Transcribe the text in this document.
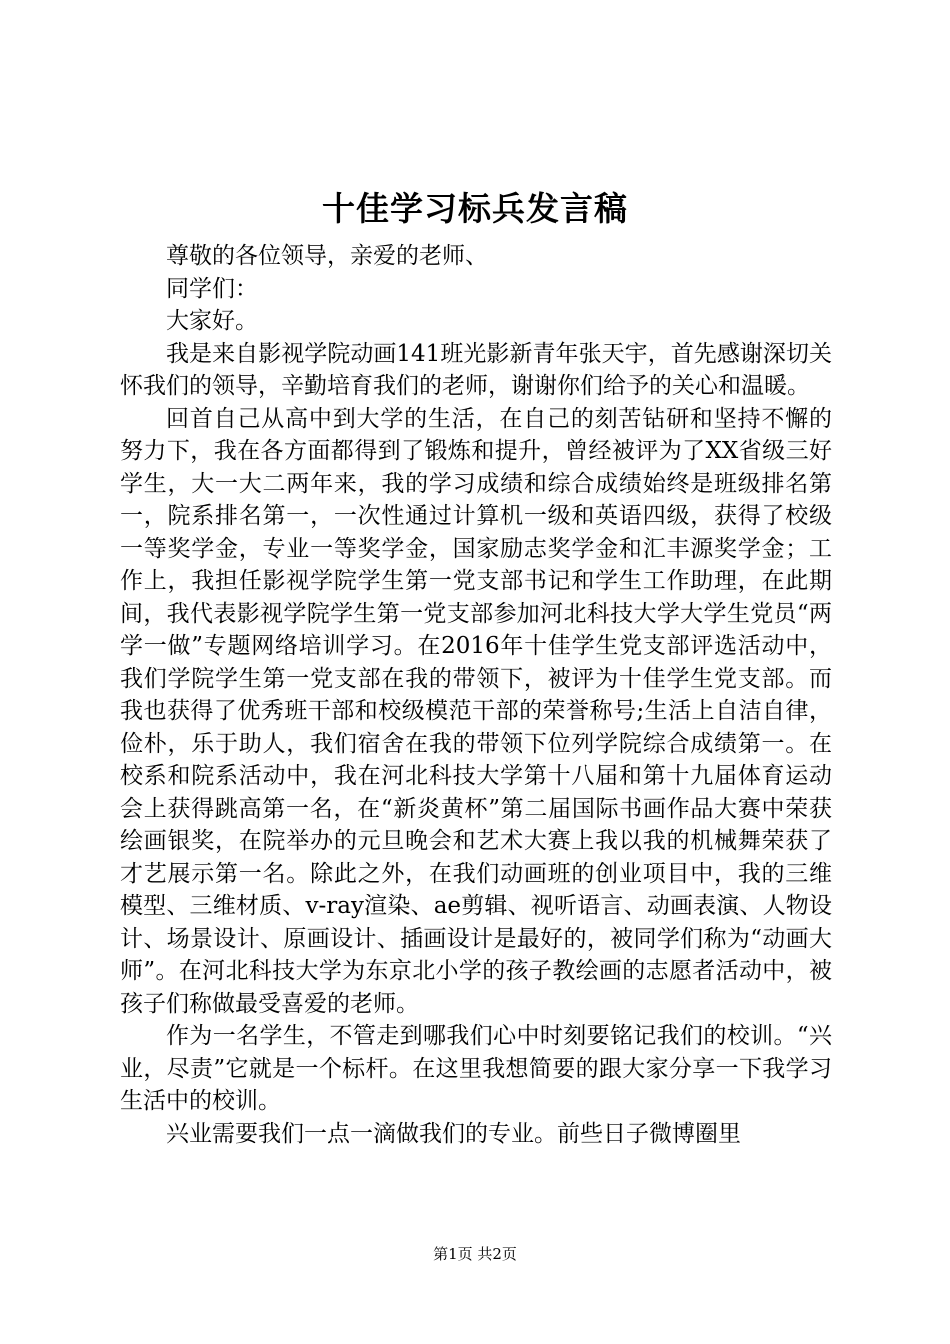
十佳学习标兵发言稿

尊敬的各位领导，亲爱的老师、

同学们：

大家好。

我是来自影视学院动画141班光影新青年张天宇，首先感谢深切关怀我们的领导，辛勤培育我们的老师，谢谢你们给予的关心和温暖。

回首自己从高中到大学的生活，在自己的刻苦钻研和坚持不懈的努力下，我在各方面都得到了锻炼和提升，曾经被评为了XX省级三好学生，大一大二两年来，我的学习成绩和综合成绩始终是班级排名第一，院系排名第一，一次性通过计算机一级和英语四级，获得了校级一等奖学金，专业一等奖学金，国家励志奖学金和汇丰源奖学金；工作上，我担任影视学院学生第一党支部书记和学生工作助理，在此期间，我代表影视学院学生第一党支部参加河北科技大学大学生党员“两学一做”专题网络培训学习。在2016年十佳学生党支部评选活动中，我们学院学生第一党支部在我的带领下，被评为十佳学生党支部。而我也获得了优秀班干部和校级模范干部的荣誉称号;生活上自洁自律，俭朴，乐于助人，我们宿舍在我的带领下位列学院综合成绩第一。在校系和院系活动中，我在河北科技大学第十八届和第十九届体育运动会上获得跳高第一名，在“新炎黄杯”第二届国际书画作品大赛中荣获绘画银奖，在院举办的元旦晚会和艺术大赛上我以我的机械舞荣获了才艺展示第一名。除此之外，在我们动画班的创业项目中，我的三维模型、三维材质、v-ray渲染、ae剪辑、视听语言、动画表演、人物设计、场景设计、原画设计、插画设计是最好的，被同学们称为“动画大师”。在河北科技大学为东京北小学的孩子教绘画的志愿者活动中，被孩子们称做最受喜爱的老师。

作为一名学生，不管走到哪我们心中时刻要铭记我们的校训。“兴业，尽责”它就是一个标杆。在这里我想简要的跟大家分享一下我学习生活中的校训。

兴业需要我们一点一滴做我们的专业。前些日子微博圈里

第1页 共2页
